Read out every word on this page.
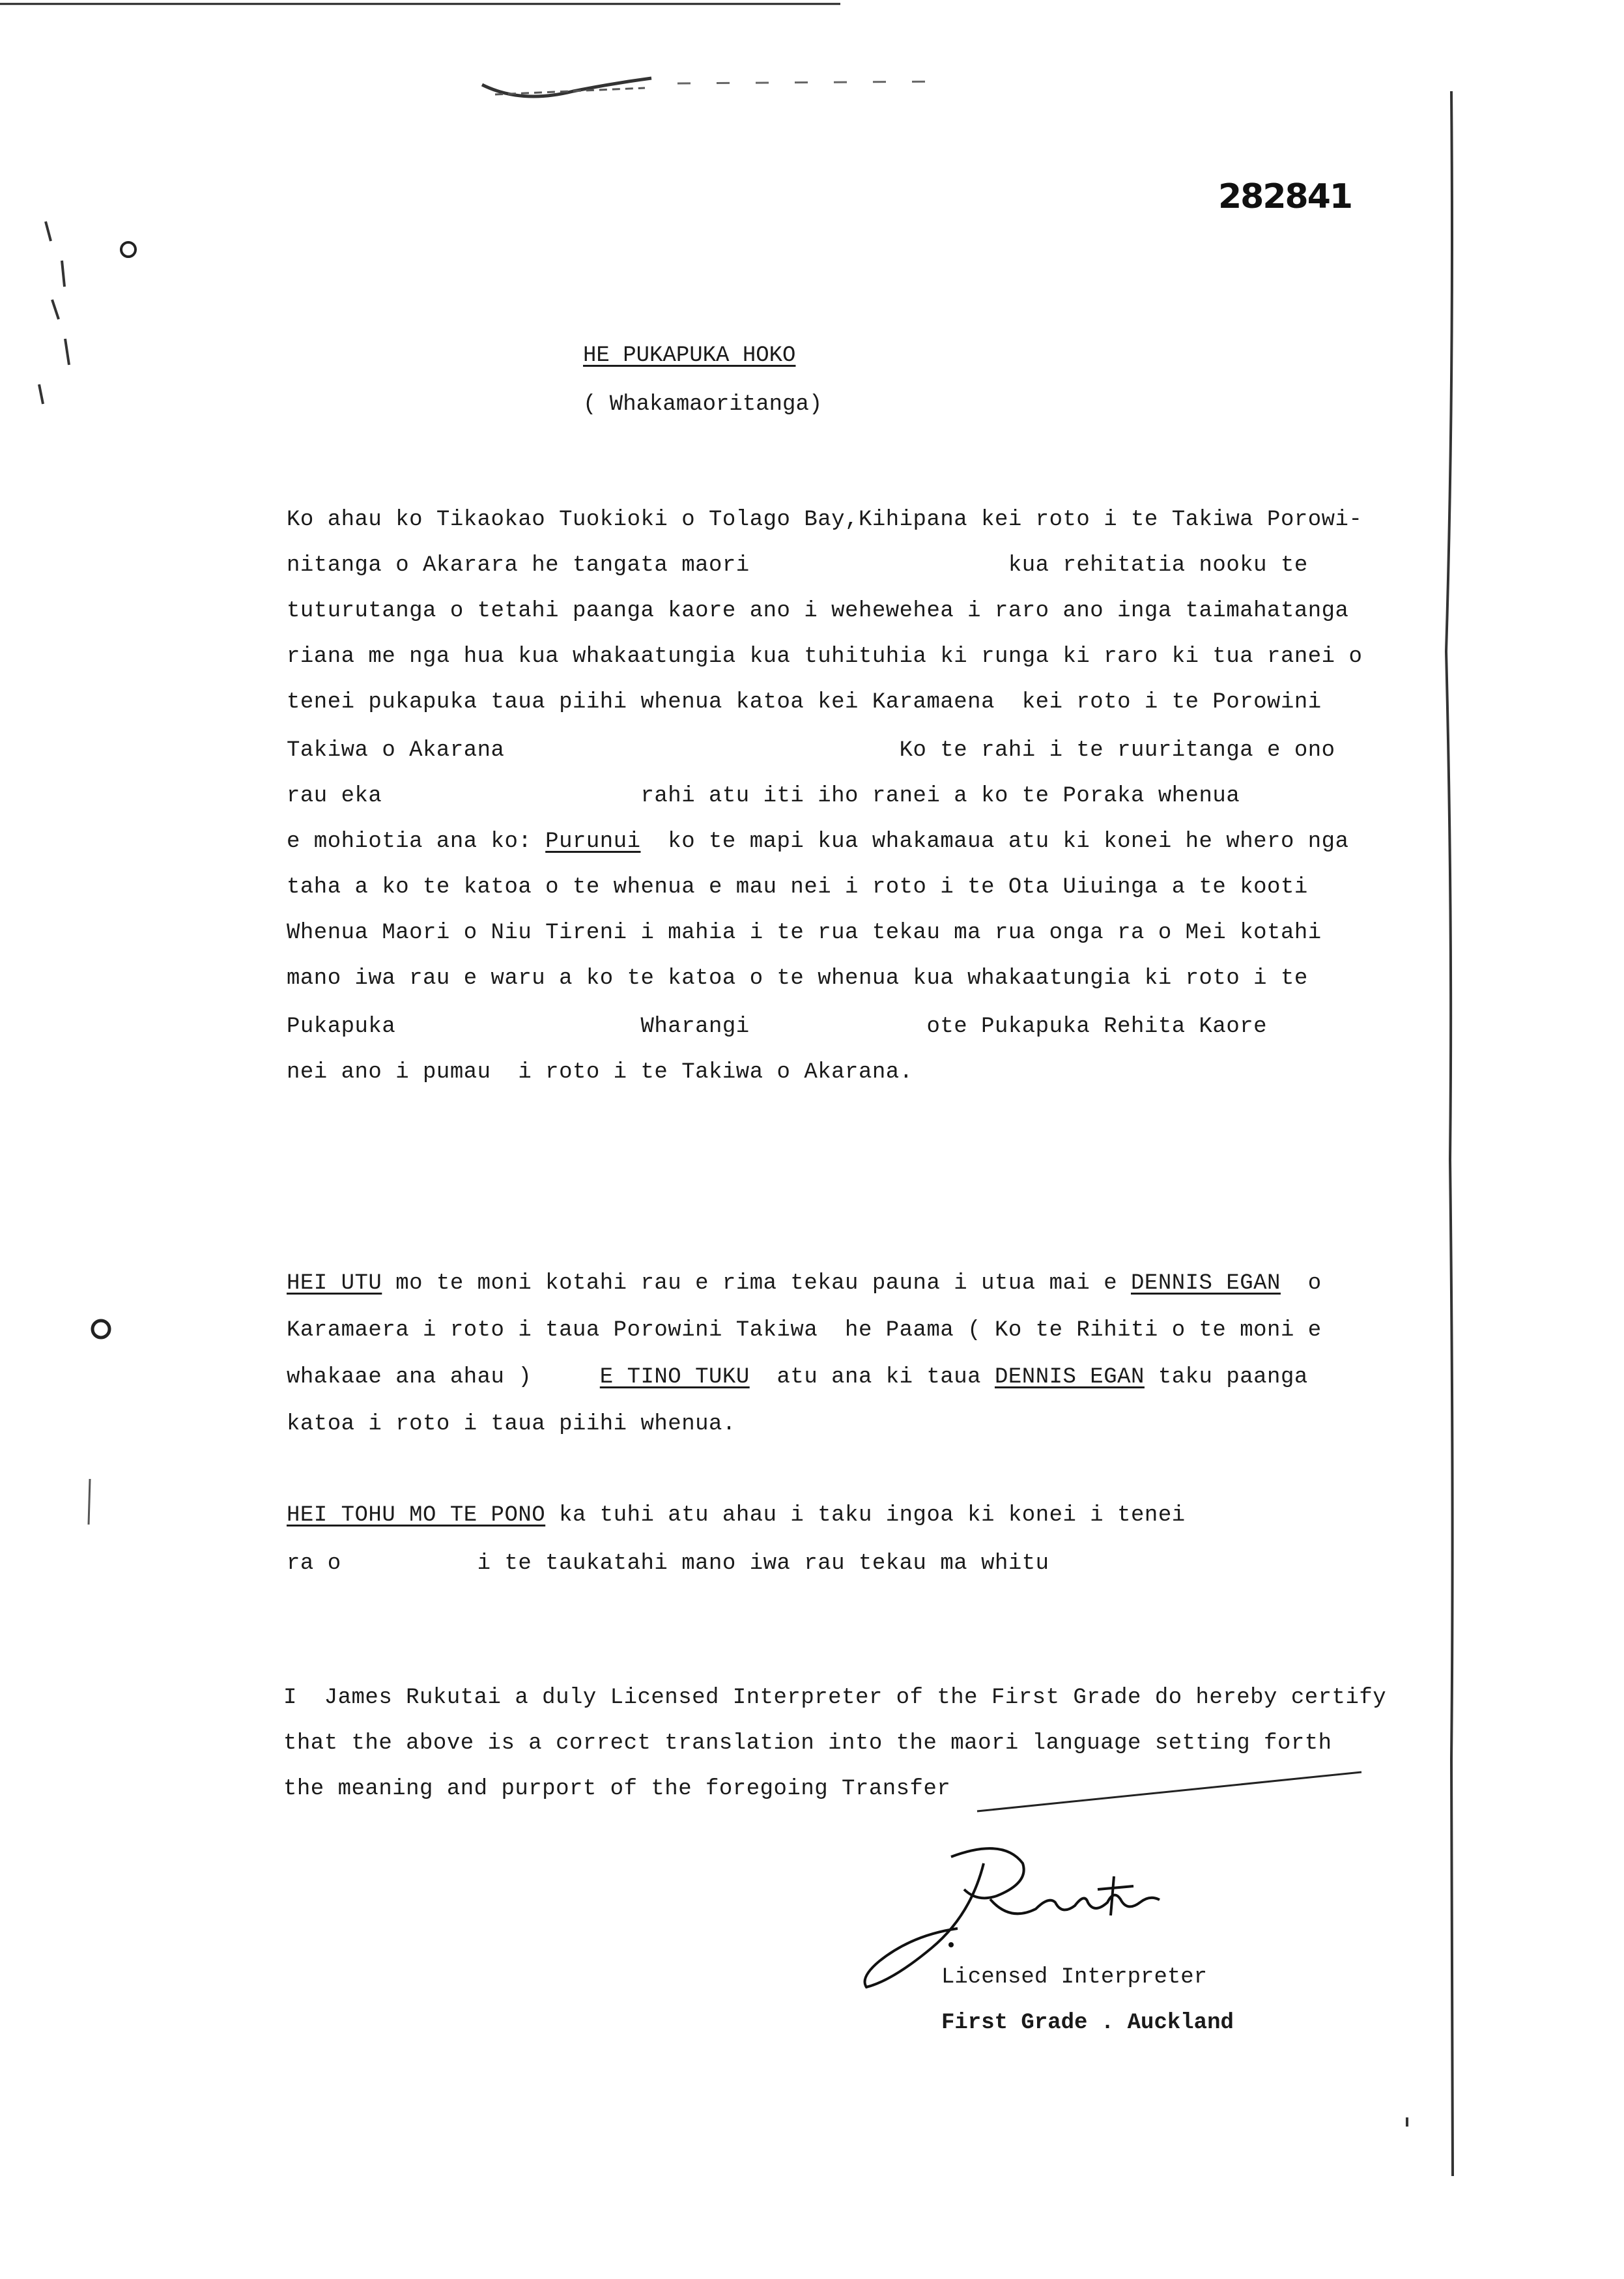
282841
HE PUKAPUKA HOKO
( Whakamaoritanga)
Ko ahau ko Tikaokao Tuokioki o Tolago Bay,Kihipana kei roto i te Takiwa Porowi-
nitanga o Akarara he tangata maori                   kua rehitatia nooku te
tuturutanga o tetahi paanga kaore ano i wehewehea i raro ano inga taimahatanga
riana me nga hua kua whakaatungia kua tuhituhia ki runga ki raro ki tua ranei o
tenei pukapuka taua piihi whenua katoa kei Karamaena  kei roto i te Porowini
Takiwa o Akarana                             Ko te rahi i te ruuritanga e ono
rau eka                   rahi atu iti iho ranei a ko te Poraka whenua
e mohiotia ana ko: Purunui  ko te mapi kua whakamaua atu ki konei he whero nga
taha a ko te katoa o te whenua e mau nei i roto i te Ota Uiuinga a te kooti
Whenua Maori o Niu Tireni i mahia i te rua tekau ma rua onga ra o Mei kotahi
mano iwa rau e waru a ko te katoa o te whenua kua whakaatungia ki roto i te
Pukapuka                  Wharangi             ote Pukapuka Rehita Kaore
nei ano i pumau  i roto i te Takiwa o Akarana.
HEI UTU mo te moni kotahi rau e rima tekau pauna i utua mai e DENNIS EGAN  o
Karamaera i roto i taua Porowini Takiwa  he Paama ( Ko te Rihiti o te moni e
whakaae ana ahau )     E TINO TUKU  atu ana ki taua DENNIS EGAN taku paanga
katoa i roto i taua piihi whenua.
HEI TOHU MO TE PONO ka tuhi atu ahau i taku ingoa ki konei i tenei
ra o          i te taukatahi mano iwa rau tekau ma whitu
I  James Rukutai a duly Licensed Interpreter of the First Grade do hereby certify
that the above is a correct translation into the maori language setting forth
the meaning and purport of the foregoing Transfer
Licensed Interpreter
First Grade . Auckland
